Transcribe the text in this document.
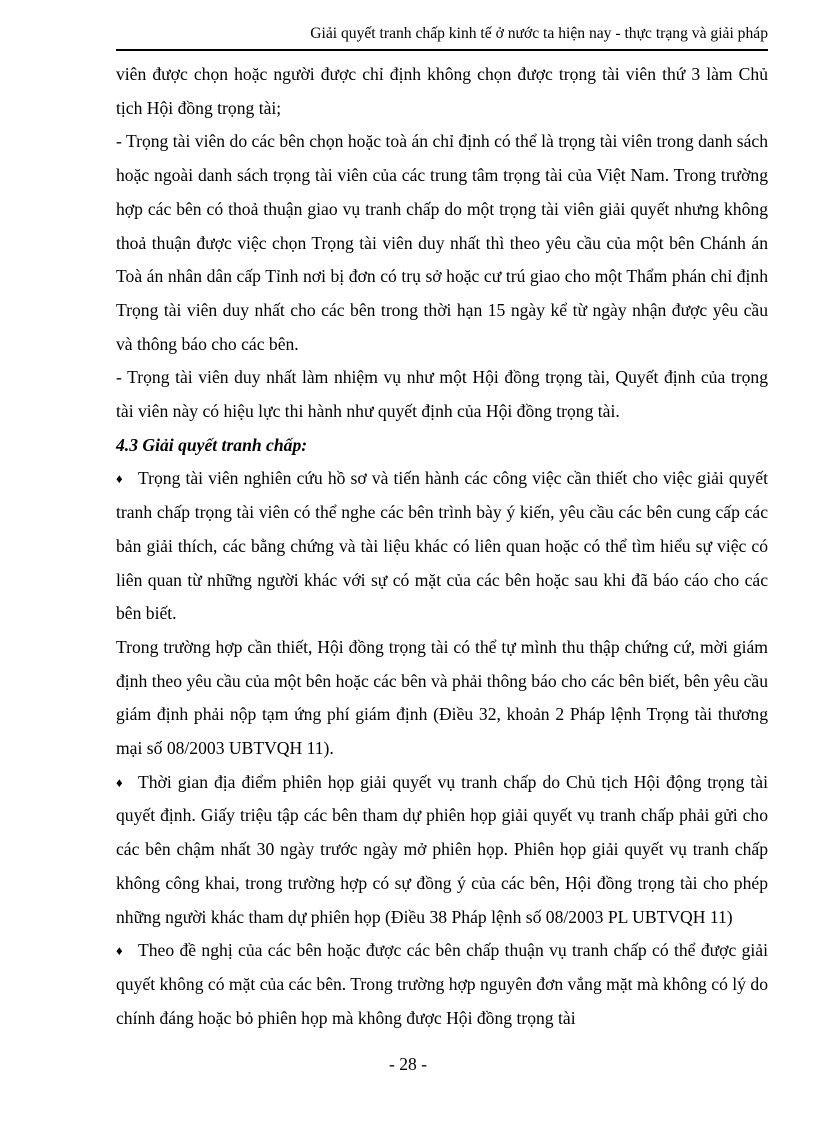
Giải quyết tranh chấp kinh tế ở nước ta hiện nay - thực trạng và giải pháp

viên được chọn hoặc người được chỉ định không chọn được trọng tài viên thứ 3 làm Chủ tịch Hội đồng trọng tài;

- Trọng tài viên do các bên chọn hoặc toà án chỉ định có thể là trọng tài viên trong danh sách hoặc ngoài danh sách trọng tài viên của các trung tâm trọng tài của Việt Nam. Trong trường hợp các bên có thoả thuận giao vụ tranh chấp do một trọng tài viên giải quyết nhưng không thoả thuận được việc chọn Trọng tài viên duy nhất thì theo yêu cầu của một bên Chánh án Toà án nhân dân cấp Tỉnh nơi bị đơn có trụ sở hoặc cư trú giao cho một Thẩm phán chỉ định Trọng tài viên duy nhất cho các bên trong thời hạn 15 ngày kể từ ngày nhận được yêu cầu và thông báo cho các bên.

- Trọng tài viên duy nhất làm nhiệm vụ như một Hội đồng trọng tài, Quyết định của trọng tài viên này có hiệu lực thi hành như quyết định của Hội đồng trọng tài.

4.3 Giải quyết tranh chấp:

♦ Trọng tài viên nghiên cứu hồ sơ và tiến hành các công việc cần thiết cho việc giải quyết tranh chấp trọng tài viên có thể nghe các bên trình bày ý kiến, yêu cầu các bên cung cấp các bản giải thích, các bằng chứng và tài liệu khác có liên quan hoặc có thể tìm hiểu sự việc có liên quan từ những người khác với sự có mặt của các bên hoặc sau khi đã báo cáo cho các bên biết.

Trong trường hợp cần thiết, Hội đồng trọng tài có thể tự mình thu thập chứng cứ, mời giám định theo yêu cầu của một bên hoặc các bên và phải thông báo cho các bên biết, bên yêu cầu giám định phải nộp tạm ứng phí giám định (Điều 32, khoản 2 Pháp lệnh Trọng tài thương mại số 08/2003 UBTVQH 11).

♦ Thời gian địa điểm phiên họp giải quyết vụ tranh chấp do Chủ tịch Hội động trọng tài quyết định. Giấy triệu tập các bên tham dự phiên họp giải quyết vụ tranh chấp phải gửi cho các bên chậm nhất 30 ngày trước ngày mở phiên họp. Phiên họp giải quyết vụ tranh chấp không công khai, trong trường hợp có sự đồng ý của các bên, Hội đồng trọng tài cho phép những người khác tham dự phiên họp (Điều 38 Pháp lệnh số 08/2003 PL UBTVQH 11)

♦ Theo đề nghị của các bên hoặc được các bên chấp thuận vụ tranh chấp có thể được giải quyết không có mặt của các bên. Trong trường hợp nguyên đơn vắng mặt mà không có lý do chính đáng hoặc bỏ phiên họp mà không được Hội đồng trọng tài

- 28 -
